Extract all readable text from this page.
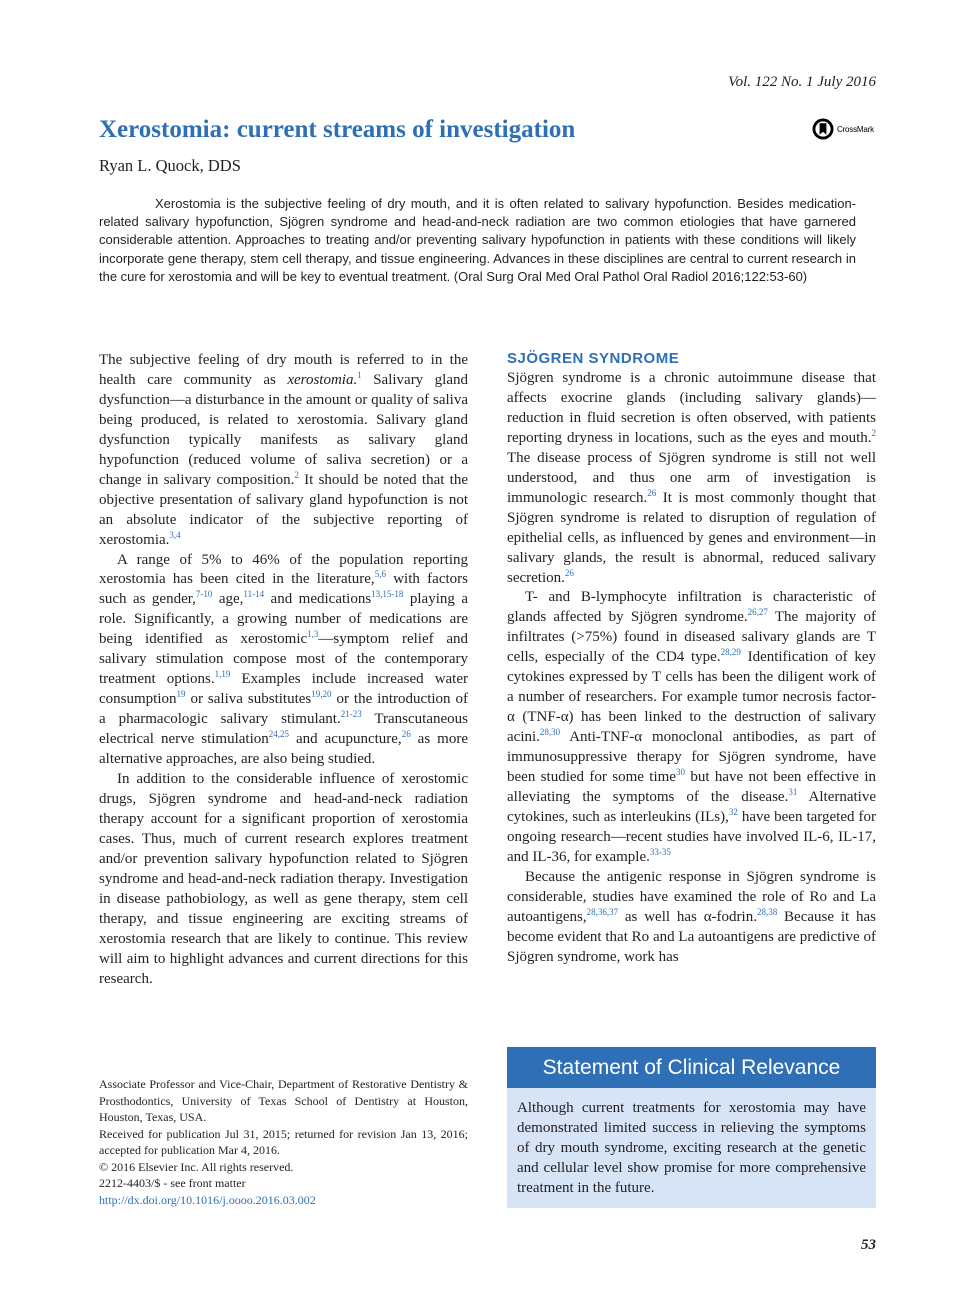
Vol. 122 No. 1 July 2016
Xerostomia: current streams of investigation	CrossMark
Ryan L. Quock, DDS
Xerostomia is the subjective feeling of dry mouth, and it is often related to salivary hypofunction. Besides medication-related salivary hypofunction, Sjögren syndrome and head-and-neck radiation are two common etiologies that have garnered considerable attention. Approaches to treating and/or preventing salivary hypofunction in patients with these conditions will likely incorporate gene therapy, stem cell therapy, and tissue engineering. Advances in these disciplines are central to current research in the cure for xerostomia and will be key to eventual treatment. (Oral Surg Oral Med Oral Pathol Oral Radiol 2016;122:53-60)

The subjective feeling of dry mouth is referred to in the health care community as xerostomia.$^1$ Salivary gland dysfunction—a disturbance in the amount or quality of saliva being produced, is related to xerostomia. Salivary gland dysfunction typically manifests as salivary gland hypofunction (reduced volume of saliva secretion) or a change in salivary composition.$^2$ It should be noted that the objective presentation of salivary gland hypofunction is not an absolute indicator of the subjective reporting of xerostomia.$^{3,4}$

A range of 5% to 46% of the population reporting xerostomia has been cited in the literature,$^{5,6}$ with factors such as gender,$^{7-10}$ age,$^{11-14}$ and medications$^{13,15-18}$ playing a role. Significantly, a growing number of medications are being identified as xerostomic$^{1,3}$—symptom relief and salivary stimulation compose most of the contemporary treatment options.$^{1,19}$ Examples include increased water consumption$^{19}$ or saliva substitutes$^{19,20}$ or the introduction of a pharmacologic salivary stimulant.$^{21-23}$ Transcutaneous electrical nerve stimulation$^{24,25}$ and acupuncture,$^{26}$ as more alternative approaches, are also being studied.

In addition to the considerable influence of xerostomic drugs, Sjögren syndrome and head-and-neck radiation therapy account for a significant proportion of xerostomia cases. Thus, much of current research explores treatment and/or prevention salivary hypofunction related to Sjögren syndrome and head-and-neck radiation therapy. Investigation in disease pathobiology, as well as gene therapy, stem cell therapy, and tissue engineering are exciting streams of xerostomia research that are likely to continue. This review will aim to highlight advances and current directions for this research.

SJÖGREN SYNDROME

Sjögren syndrome is a chronic autoimmune disease that affects exocrine glands (including salivary glands)—reduction in fluid secretion is often observed, with patients reporting dryness in locations, such as the eyes and mouth.$^2$ The disease process of Sjögren syndrome is still not well understood, and thus one arm of investigation is immunologic research.$^{26}$ It is most commonly thought that Sjögren syndrome is related to disruption of regulation of epithelial cells, as influenced by genes and environment—in salivary glands, the result is abnormal, reduced salivary secretion.$^{26}$

T- and B-lymphocyte infiltration is characteristic of glands affected by Sjögren syndrome.$^{26,27}$ The majority of infiltrates (>75%) found in diseased salivary glands are T cells, especially of the CD4 type.$^{28,29}$ Identification of key cytokines expressed by T cells has been the diligent work of a number of researchers. For example tumor necrosis factor-α (TNF-α) has been linked to the destruction of salivary acini.$^{28,30}$ Anti-TNF-α monoclonal antibodies, as part of immunosuppressive therapy for Sjögren syndrome, have been studied for some time$^{30}$ but have not been effective in alleviating the symptoms of the disease.$^{31}$ Alternative cytokines, such as interleukins (ILs),$^{32}$ have been targeted for ongoing research—recent studies have involved IL-6, IL-17, and IL-36, for example.$^{33-35}$

Because the antigenic response in Sjögren syndrome is considerable, studies have examined the role of Ro and La autoantigens,$^{28,36,37}$ as well has α-fodrin.$^{28,38}$ Because it has become evident that Ro and La autoantigens are predictive of Sjögren syndrome, work has

Associate Professor and Vice-Chair, Department of Restorative Dentistry & Prosthodontics, University of Texas School of Dentistry at Houston, Houston, Texas, USA.
Received for publication Jul 31, 2015; returned for revision Jan 13, 2016; accepted for publication Mar 4, 2016.
© 2016 Elsevier Inc. All rights reserved.
2212-4403/$ - see front matter
http://dx.doi.org/10.1016/j.oooo.2016.03.002
Statement of Clinical Relevance
Although current treatments for xerostomia may have demonstrated limited success in relieving the symptoms of dry mouth syndrome, exciting research at the genetic and cellular level show promise for more comprehensive treatment in the future.
53
